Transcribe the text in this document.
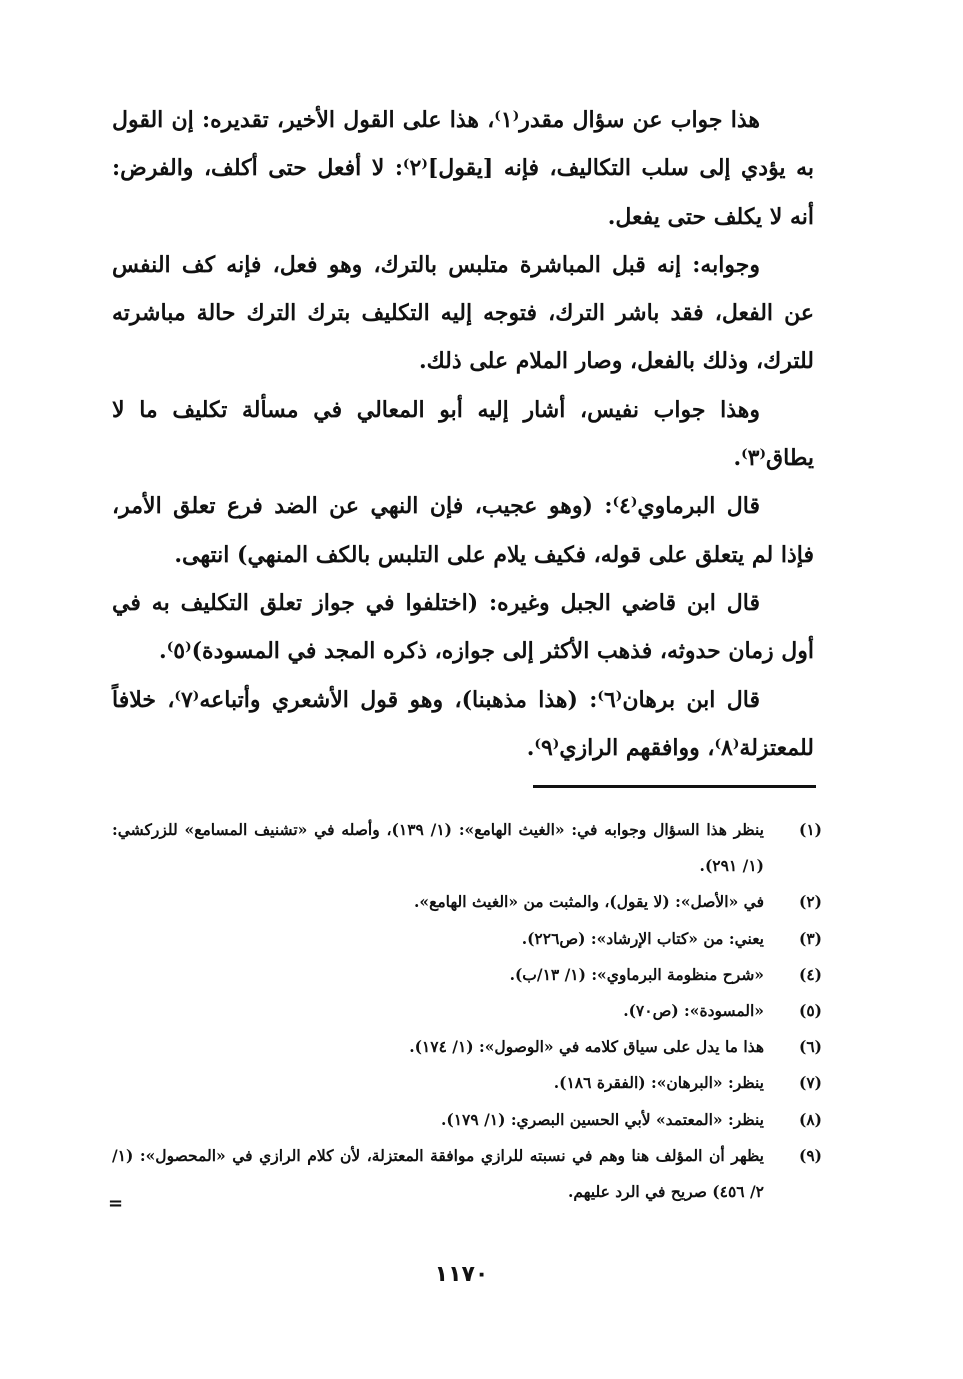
هذا جواب عن سؤال مقدر⁽١⁾، هذا على القول الأخير، تقديره: إن القول به يؤدي إلى سلب التكاليف، فإنه [يقول]⁽٢⁾: لا أفعل حتى أكلف، والفرض: أنه لا يكلف حتى يفعل.

وجوابه: إنه قبل المباشرة متلبس بالترك، وهو فعل، فإنه كف النفس عن الفعل، فقد باشر الترك، فتوجه إليه التكليف بترك الترك حالة مباشرته للترك، وذلك بالفعل، وصار الملام على ذلك.

وهذا جواب نفيس، أشار إليه أبو المعالي في مسألة تكليف ما لا يطاق⁽٣⁾.

قال البرماوي⁽٤⁾: (وهو عجيب، فإن النهي عن الضد فرع تعلق الأمر، فإذا لم يتعلق على قوله، فكيف يلام على التلبس بالكف المنهي) انتهى.

قال ابن قاضي الجبل وغيره: (اختلفوا في جواز تعلق التكليف به في أول زمان حدوثه، فذهب الأكثر إلى جوازه، ذكره المجد في المسودة)⁽٥⁾.

قال ابن برهان⁽٦⁾: (هذا مذهبنا)، وهو قول الأشعري وأتباعه⁽٧⁾، خلافاً للمعتزلة⁽٨⁾، ووافقهم الرازي⁽٩⁾.

(١)
ينظر هذا السؤال وجوابه في: «الغيث الهامع»: (١/ ١٣٩)، وأصله في «تشنيف المسامع» للزركشي: (١/ ٢٩١).
(٢)
في «الأصل»: (لا يقول)، والمثبت من «الغيث الهامع».
(٣)
يعني: من «كتاب الإرشاد»: (ص٢٢٦).
(٤)
«شرح منظومة البرماوي»: (١/ ١٣/ب).
(٥)
«المسودة»: (ص٧٠).
(٦)
هذا ما يدل على سياق كلامه في «الوصول»: (١/ ١٧٤).
(٧)
ينظر: «البرهان»: (الفقرة ١٨٦).
(٨)
ينظر: «المعتمد» لأبي الحسين البصري: (١/ ١٧٩).
(٩)
يظهر أن المؤلف هنا وهم في نسبته للرازي موافقة المعتزلة، لأن كلام الرازي في «المحصول»: (١/ ٢/ ٤٥٦) صريح في الرد عليهم.
=
١١٧٠
